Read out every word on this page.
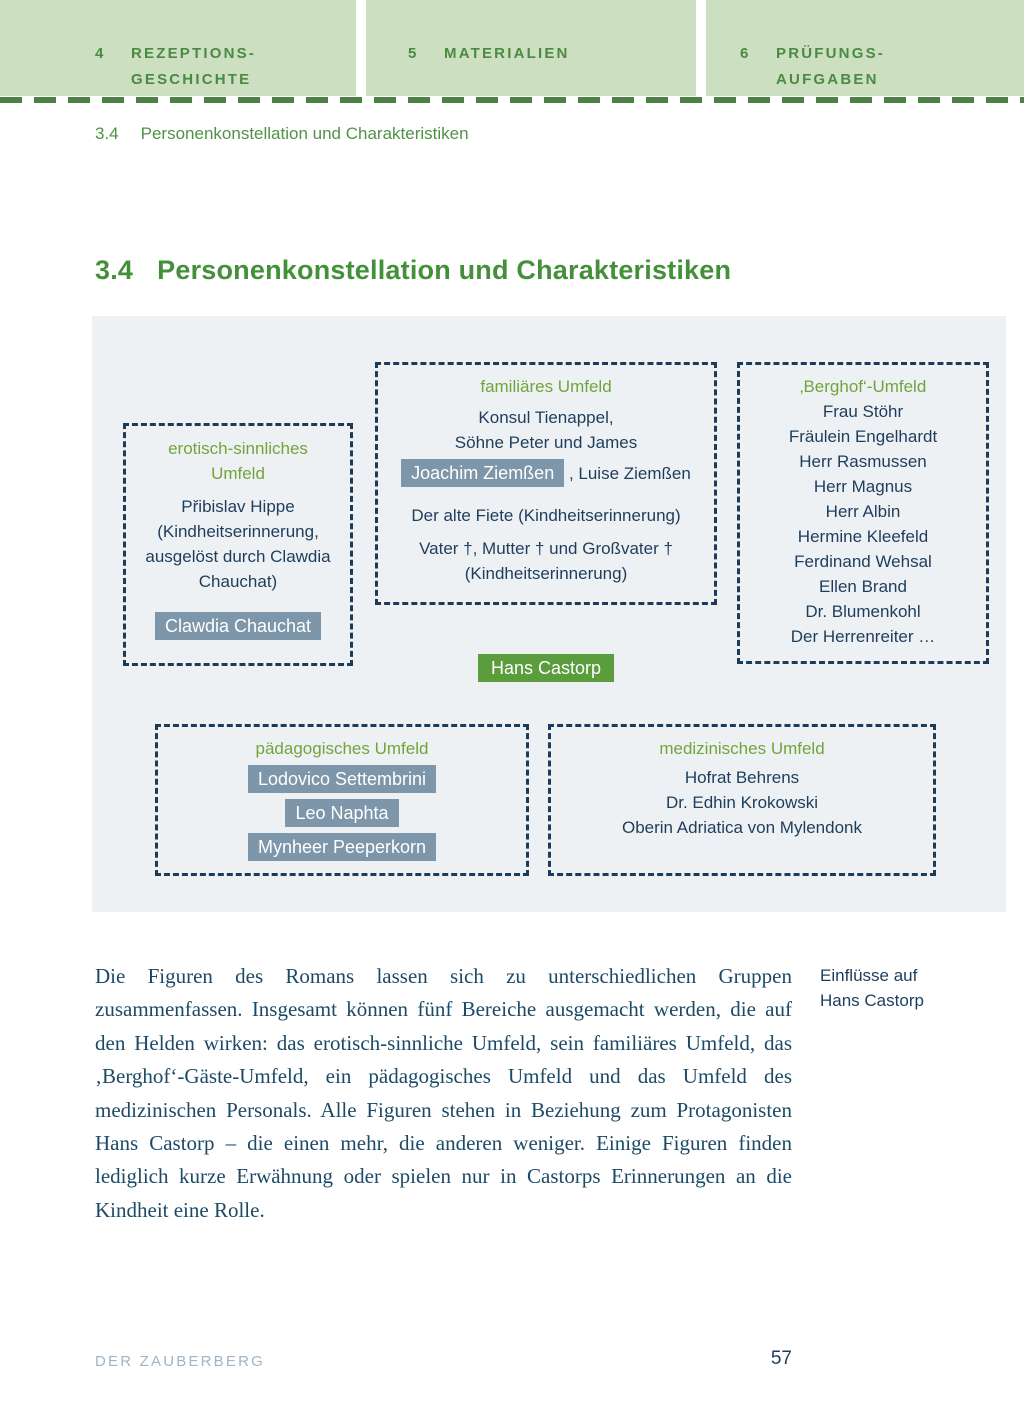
4	REZEPTIONS-
GESCHICHTE
5	MATERIALIEN	6	PRÜFUNGS-
AUFGABEN
3.4 Personenkonstellation und Charakteristiken
3.4 Personenkonstellation und Charakteristiken
erotisch-sinnliches
Umfeld
Přibislav Hippe
(Kindheitserinnerung,
ausgelöst durch Clawdia
Chauchat)
Clawdia Chauchat
familiäres Umfeld
Konsul Tienappel,
Söhne Peter und James
Joachim Ziemßen , Luise Ziemßen
Der alte Fiete (Kindheitserinnerung)
Vater †, Mutter † und Großvater †
(Kindheitserinnerung)
‚Berghof‘-Umfeld
Frau Stöhr
Fräulein Engelhardt
Herr Rasmussen
Herr Magnus
Herr Albin
Hermine Kleefeld
Ferdinand Wehsal
Ellen Brand
Dr. Blumenkohl
Der Herrenreiter …
Hans Castorp
pädagogisches Umfeld
Lodovico Settembrini
Leo Naphta
Mynheer Peeperkorn
medizinisches Umfeld
Hofrat Behrens
Dr. Edhin Krokowski
Oberin Adriatica von Mylendonk
Die Figuren des Romans lassen sich zu unterschiedlichen Gruppen zusammenfassen. Insgesamt können fünf Bereiche ausgemacht werden, die auf den Helden wirken: das erotisch-sinnliche Umfeld, sein familiäres Umfeld, das ‚Berghof‘-Gäste-Umfeld, ein pädagogisches Umfeld und das Umfeld des medizinischen Personals. Alle Figuren stehen in Beziehung zum Protagonisten Hans Castorp – die einen mehr, die anderen weniger. Einige Figuren finden lediglich kurze Erwähnung oder spielen nur in Castorps Erinnerungen an die Kindheit eine Rolle.
Einflüsse auf
Hans Castorp
DER ZAUBERBERG	57
